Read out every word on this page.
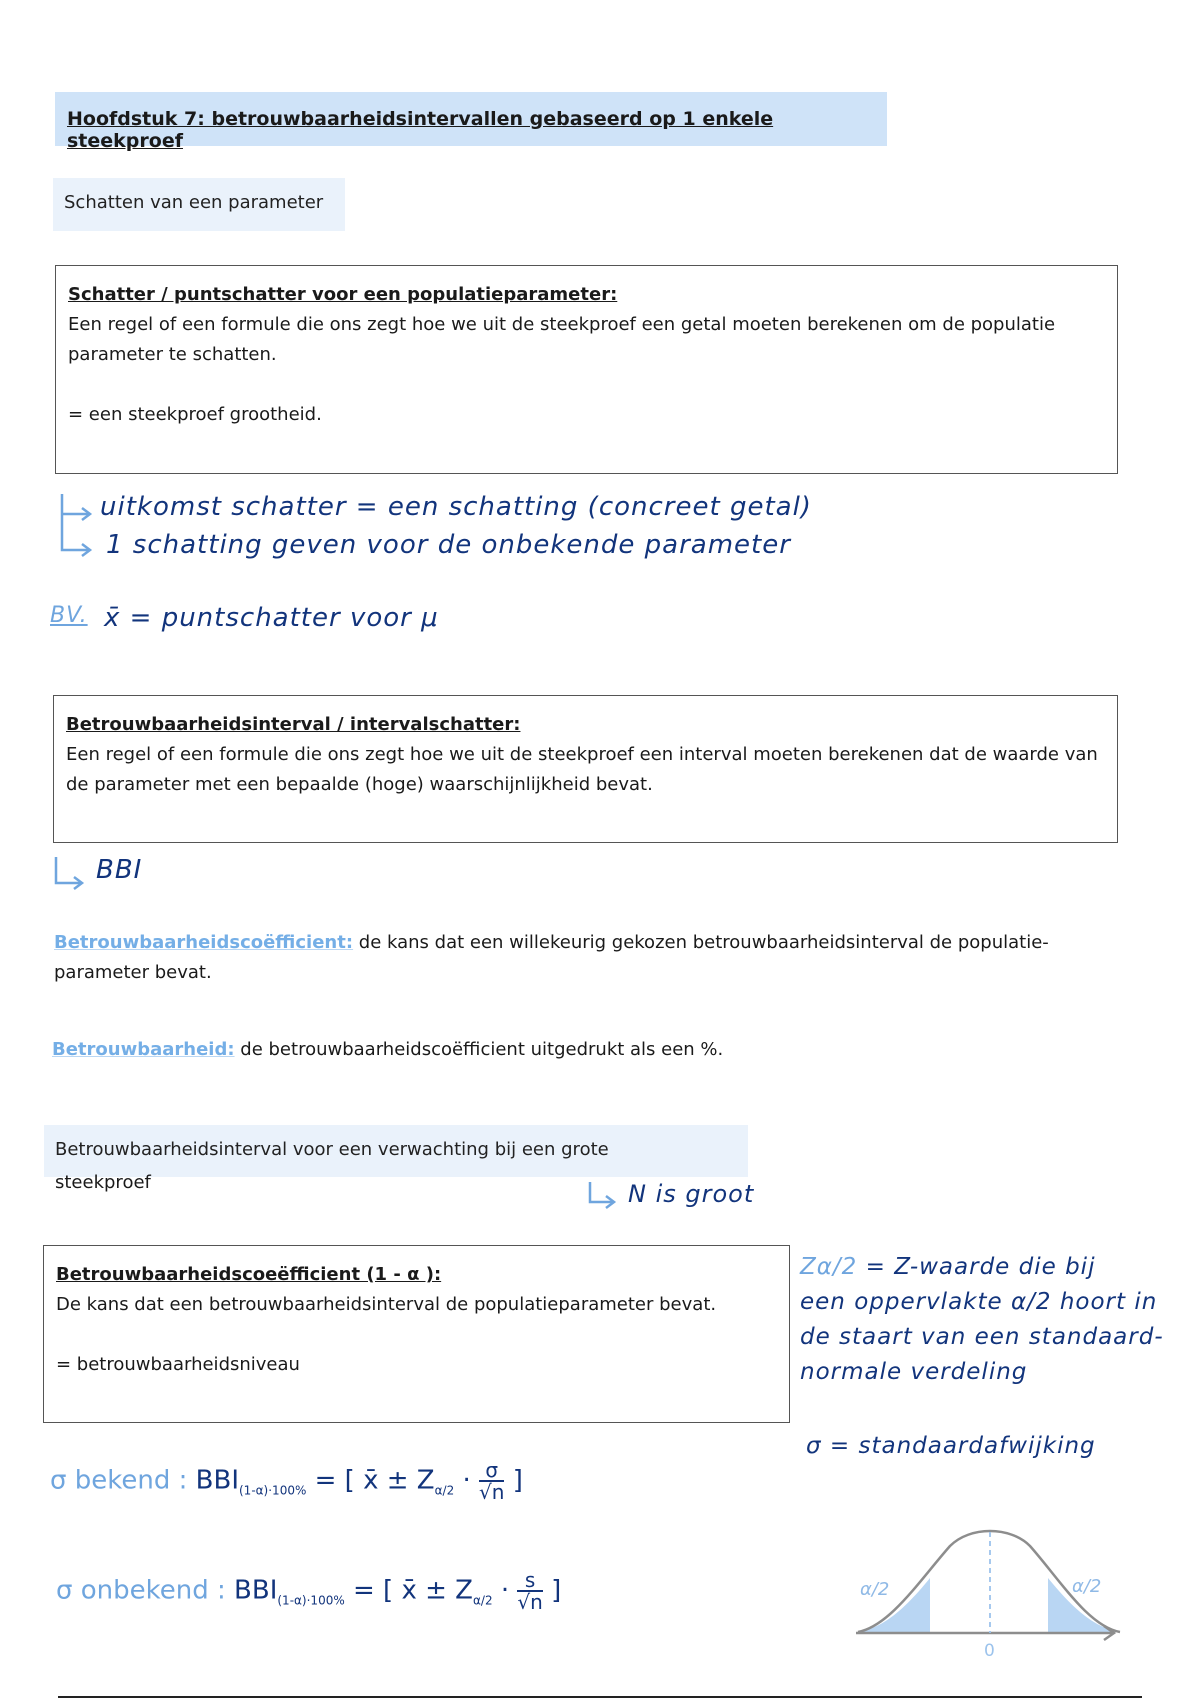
Hoofdstuk 7: betrouwbaarheidsintervallen gebaseerd op 1 enkele steekproef
Schatten van een parameter
Schatter / puntschatter voor een populatieparameter:
Een regel of een formule die ons zegt hoe we uit de steekproef een getal moeten berekenen om de populatie parameter te schatten.
= een steekproef grootheid.
uitkomst schatter = een schatting (concreet getal)
1 schatting geven voor de onbekende parameter
BV. x̄ = puntschatter voor μ
Betrouwbaarheidsinterval / intervalschatter:
Een regel of een formule die ons zegt hoe we uit de steekproef een interval moeten berekenen dat de waarde van de parameter met een bepaalde (hoge) waarschijnlijkheid bevat.
BBI
Betrouwbaarheidscoëfficient: de kans dat een willekeurig gekozen betrouwbaarheidsinterval de populatie-parameter bevat.
Betrouwbaarheid: de betrouwbaarheidscoëfficient uitgedrukt als een %.
Betrouwbaarheidsinterval voor een verwachting bij een grote
steekproef	N is groot
Betrouwbaarheidscoeëfficient (1 - α ):
De kans dat een betrouwbaarheidsinterval de populatieparameter bevat.
= betrouwbaarheidsniveau
Zα/2 = Z-waarde die bij
een oppervlakte α/2 hoort in
de staart van een standaard-
normale verdeling
σ = standaardafwijking
σ bekend : $BBI_{(1-\alpha)\cdot 100\%}$ = [ x̄ ± $Z_{\alpha/2} \cdot \frac{\sigma}{√n}$ ]
σ onbekend : $BBI_{(1-\alpha)\cdot 100\%}$ = [ x̄ ± $Z_{\alpha/2} \cdot \frac{s}{√n}$ ]	α/2	α/2
0
